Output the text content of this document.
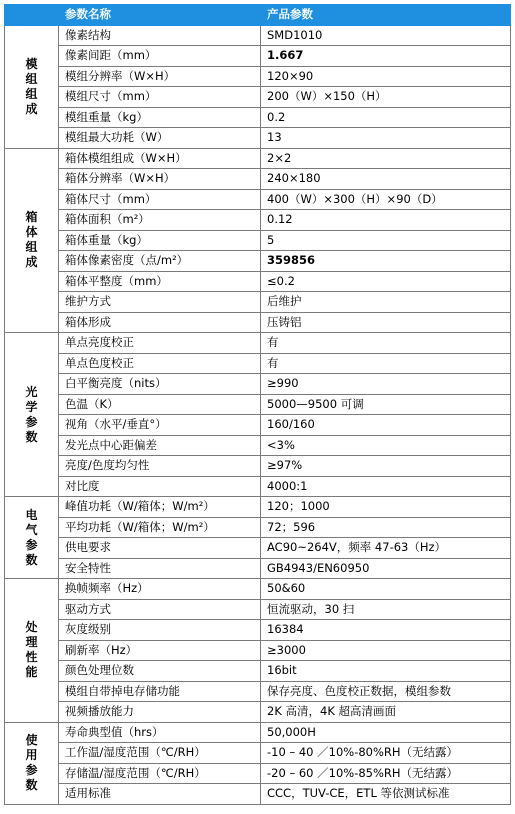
参数名称		产品参数
模组组成	像素结构	SMD1010
	像素间距（mm）	1.667
	模组分辨率（W×H）	120×90
	模组尺寸（mm）	200（W）×150（H）
	模组重量（kg）	0.2
	模组最大功耗（W）	13
箱体组成	箱体模组组成（W×H）	2×2
	箱体分辨率（W×H）	240×180
	箱体尺寸（mm）	400（W）×300（H）×90（D）
	箱体面积（m²）	0.12
	箱体重量（kg）	5
	箱体像素密度（点/m²）	359856
	箱体平整度（mm）	≤0.2
	维护方式	后维护
	箱体形成	压铸铝
光学参数	单点亮度校正	有
	单点色度校正	有
	白平衡亮度（nits）	≥990
	色温（K）	5000—9500 可调
	视角（水平/垂直°）	160/160
	发光点中心距偏差	<3%
	亮度/色度均匀性	≥97%
	对比度	4000:1
电气参数	峰值功耗（W/箱体；W/m²）	120；1000
	平均功耗（W/箱体；W/m²）	72；596
	供电要求	AC90~264V，频率 47-63（Hz）
	安全特性	GB4943/EN60950
处理性能	换帧频率（Hz）	50&60
	驱动方式	恒流驱动，30 扫
	灰度级别	16384
	刷新率（Hz）	≥3000
	颜色处理位数	16bit
	模组自带掉电存储功能	保存亮度、色度校正数据，模组参数
	视频播放能力	2K 高清，4K 超高清画面
使用参数	寿命典型值（hrs）	50,000H
	工作温/湿度范围（℃/RH）	-10 – 40 ／10%-80%RH（无结露）
	存储温/湿度范围（℃/RH）	-20 – 60 ／10%-85%RH（无结露）
	适用标准	CCC，TUV-CE，ETL 等依测试标准
